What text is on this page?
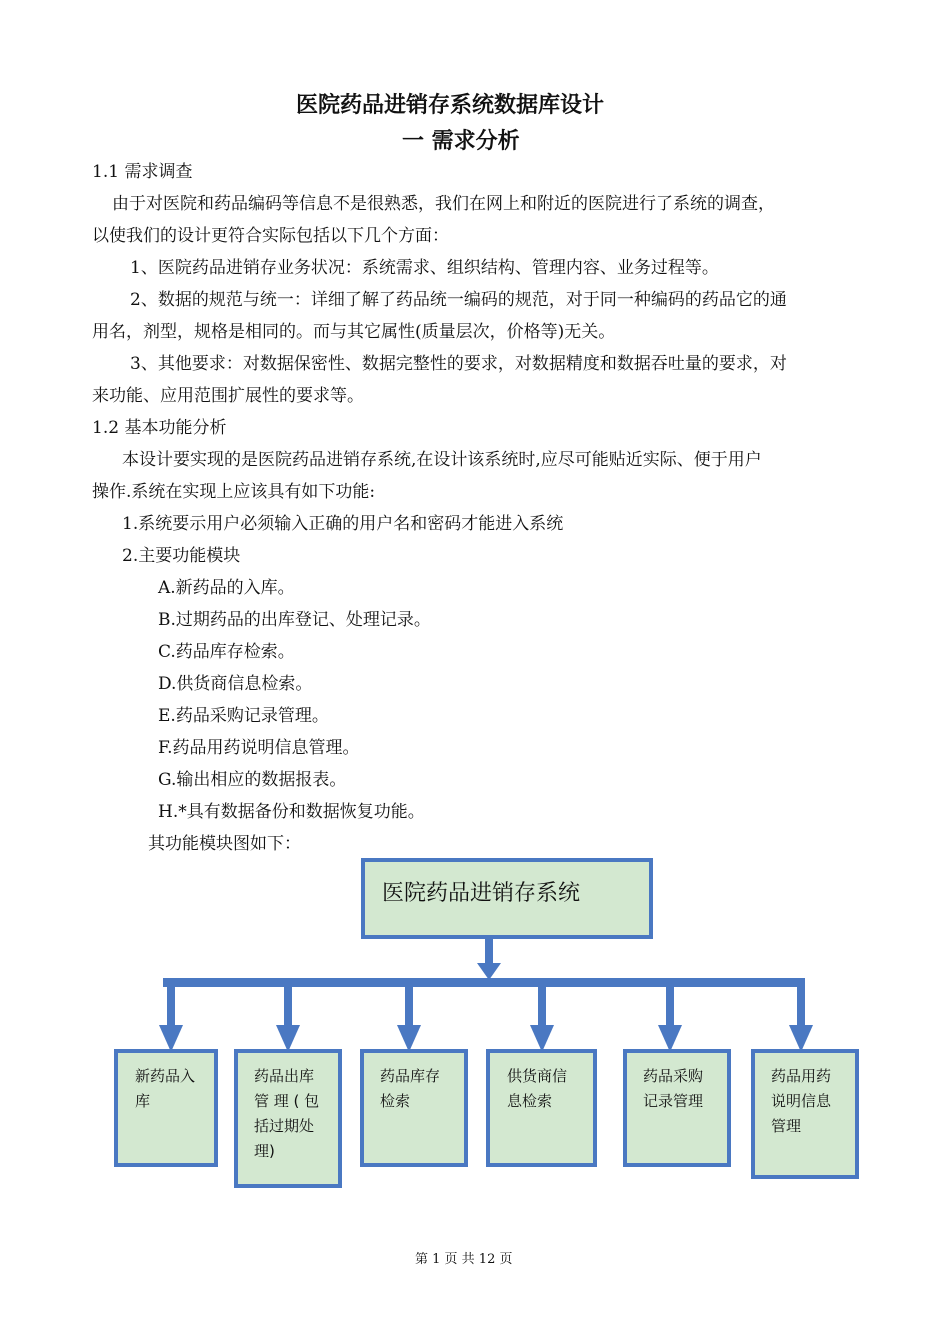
医院药品进销存系统数据库设计
一 需求分析
1.1 需求调查
由于对医院和药品编码等信息不是很熟悉，我们在网上和附近的医院进行了系统的调查，
以使我们的设计更符合实际包括以下几个方面：
1、医院药品进销存业务状况：系统需求、组织结构、管理内容、业务过程等。
2、数据的规范与统一：详细了解了药品统一编码的规范，对于同一种编码的药品它的通
用名，剂型，规格是相同的。而与其它属性(质量层次，价格等)无关。
3、其他要求：对数据保密性、数据完整性的要求，对数据精度和数据吞吐量的要求，对
来功能、应用范围扩展性的要求等。
1.2 基本功能分析
本设计要实现的是医院药品进销存系统,在设计该系统时,应尽可能贴近实际、便于用户
操作.系统在实现上应该具有如下功能:
1.系统要示用户必须输入正确的用户名和密码才能进入系统
2.主要功能模块
A.新药品的入库。
B.过期药品的出库登记、处理记录。
C.药品库存检索。
D.供货商信息检索。
E.药品采购记录管理。
F.药品用药说明信息管理。
G.输出相应的数据报表。
H.*具有数据备份和数据恢复功能。
其功能模块图如下：
医院药品进销存系统
新药品入库
药品出库管 理 ( 包括过期处理)
药品库存检索
供货商信息检索
药品采购记录管理
药品用药说明信息管理
第 1 页 共 12 页
